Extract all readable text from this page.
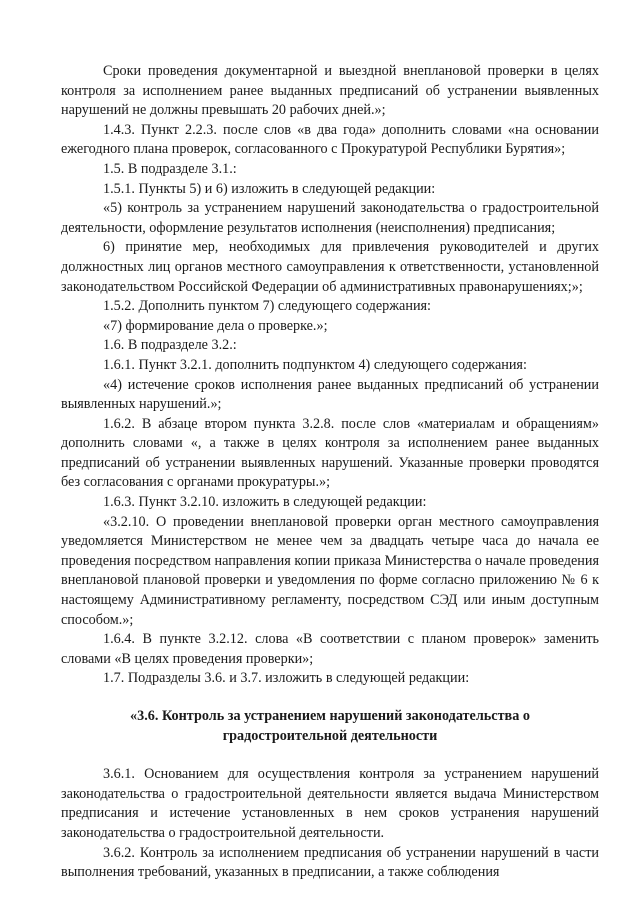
Сроки проведения документарной и выездной внеплановой проверки в целях контроля за исполнением ранее выданных предписаний об устранении выявленных нарушений не должны превышать 20 рабочих дней.»;

1.4.3. Пункт 2.2.3. после слов «в два года» дополнить словами «на основании ежегодного плана проверок, согласованного с Прокуратурой Республики Бурятия»;

1.5. В подразделе 3.1.:

1.5.1. Пункты 5) и 6) изложить в следующей редакции:

«5) контроль за устранением нарушений законодательства о градостроительной деятельности, оформление результатов исполнения (неисполнения) предписания;

6) принятие мер, необходимых для привлечения руководителей и других должностных лиц органов местного самоуправления к ответственности, установленной законодательством Российской Федерации об административных правонарушениях;»;

1.5.2. Дополнить пунктом 7) следующего содержания:

«7) формирование дела о проверке.»;

1.6. В подразделе 3.2.:

1.6.1. Пункт 3.2.1. дополнить подпунктом 4) следующего содержания:

«4) истечение сроков исполнения ранее выданных предписаний об устранении выявленных нарушений.»;

1.6.2. В абзаце втором пункта 3.2.8. после слов «материалам и обращениям» дополнить словами «, а также в целях контроля за исполнением ранее выданных предписаний об устранении выявленных нарушений. Указанные проверки проводятся без согласования с органами прокуратуры.»;

1.6.3. Пункт 3.2.10. изложить в следующей редакции:

«3.2.10. О проведении внеплановой проверки орган местного самоуправления уведомляется Министерством не менее чем за двадцать четыре часа до начала ее проведения посредством направления копии приказа Министерства о начале проведения внеплановой плановой проверки и уведомления по форме согласно приложению № 6 к настоящему Административному регламенту, посредством СЭД или иным доступным способом.»;

1.6.4. В пункте 3.2.12. слова «В соответствии с планом проверок» заменить словами «В целях проведения проверки»;

1.7. Подразделы 3.6. и 3.7. изложить в следующей редакции:

«3.6. Контроль за устранением нарушений законодательства о градостроительной деятельности

3.6.1. Основанием для осуществления контроля за устранением нарушений законодательства о градостроительной деятельности является выдача Министерством предписания и истечение установленных в нем сроков устранения нарушений законодательства о градостроительной деятельности.

3.6.2. Контроль за исполнением предписания об устранении нарушений в части выполнения требований, указанных в предписании, а также соблюдения
